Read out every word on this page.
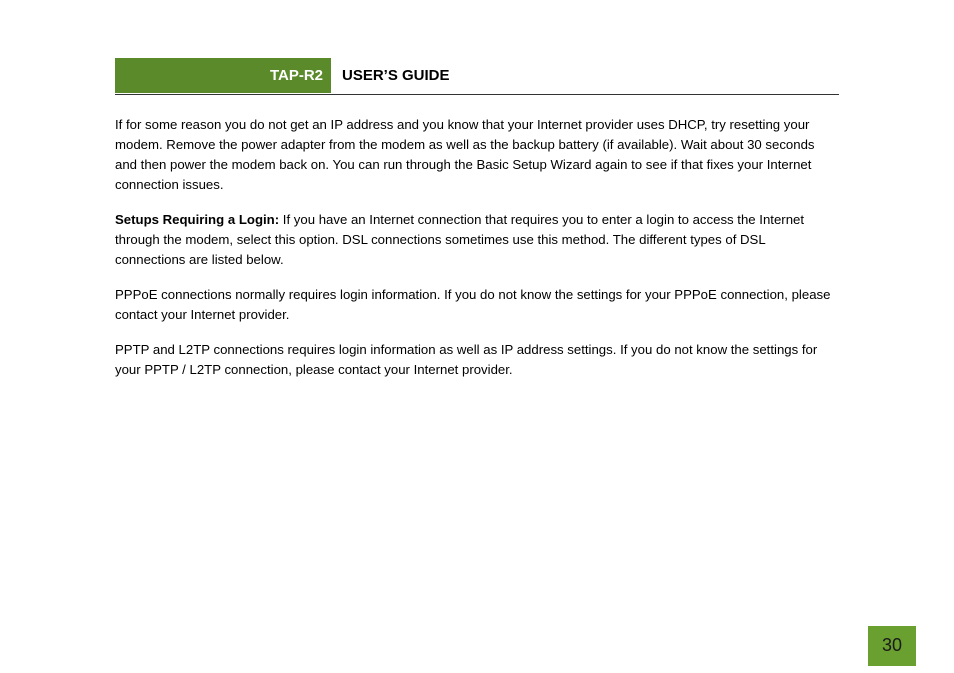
TAP-R2	USER’S GUIDE

If for some reason you do not get an IP address and you know that your Internet provider uses DHCP, try resetting your modem. Remove the power adapter from the modem as well as the backup battery (if available). Wait about 30 seconds and then power the modem back on. You can run through the Basic Setup Wizard again to see if that fixes your Internet connection issues.

Setups Requiring a Login: If you have an Internet connection that requires you to enter a login to access the Internet through the modem, select this option. DSL connections sometimes use this method. The different types of DSL connections are listed below.

PPPoE connections normally requires login information. If you do not know the settings for your PPPoE connection, please contact your Internet provider.

PPTP and L2TP connections requires login information as well as IP address settings. If you do not know the settings for your PPTP / L2TP connection, please contact your Internet provider.

30
